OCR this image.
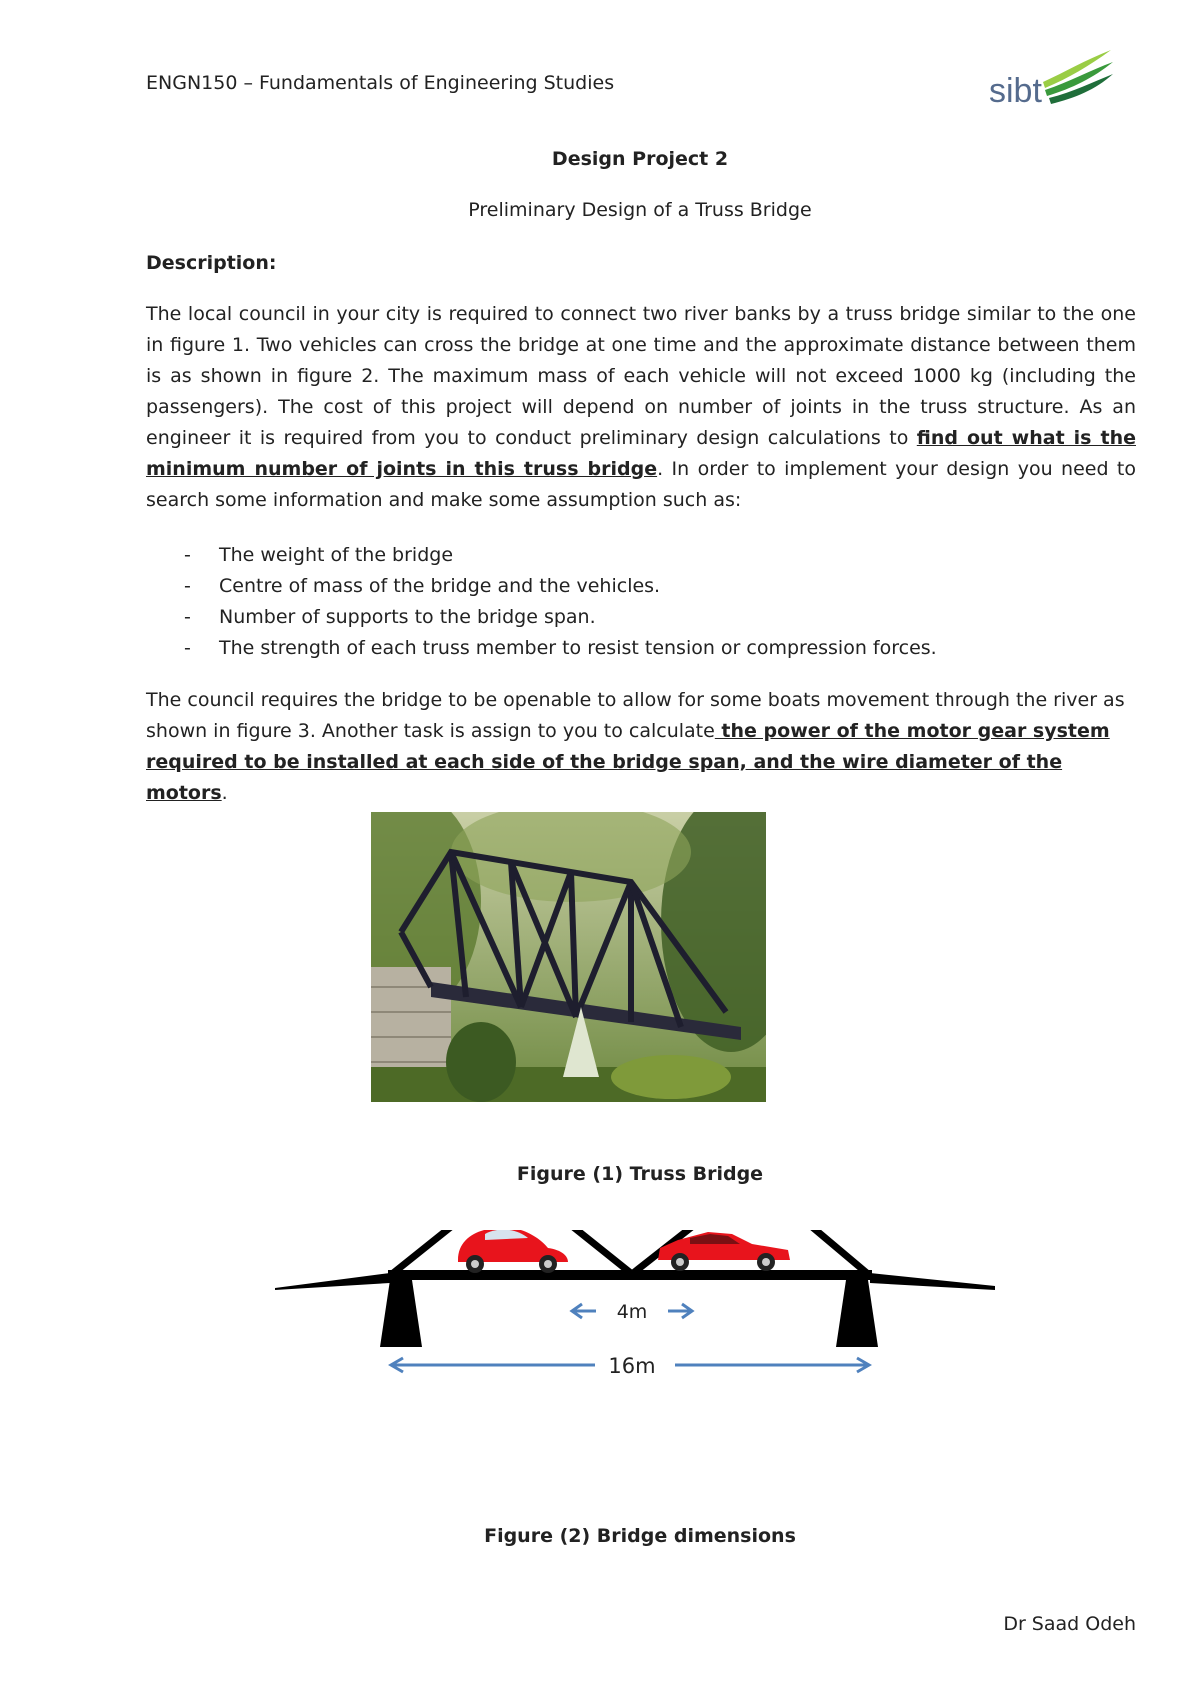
ENGN150 – Fundamentals of Engineering Studies	sibt
Design Project 2
Preliminary Design of a Truss Bridge
Description:
The local council in your city is required to connect two river banks by a truss bridge similar to the one in figure 1. Two vehicles can cross the bridge at one time and the approximate distance between them is as shown in figure 2. The maximum mass of each vehicle will not exceed 1000 kg (including the passengers). The cost of this project will depend on number of joints in the truss structure. As an engineer it is required from you to conduct preliminary design calculations to find out what is the minimum number of joints in this truss bridge. In order to implement your design you need to search some information and make some assumption such as:
- The weight of the bridge
- Centre of mass of the bridge and the vehicles.
- Number of supports to the bridge span.
- The strength of each truss member to resist tension or compression forces.
The council requires the bridge to be openable to allow for some boats movement through the river as shown in figure 3. Another task is assign to you to calculate the power of the motor gear system required to be installed at each side of the bridge span, and the wire diameter of the motors.
Figure (1) Truss Bridge
4m
16m
Figure (2) Bridge dimensions
Dr Saad Odeh
